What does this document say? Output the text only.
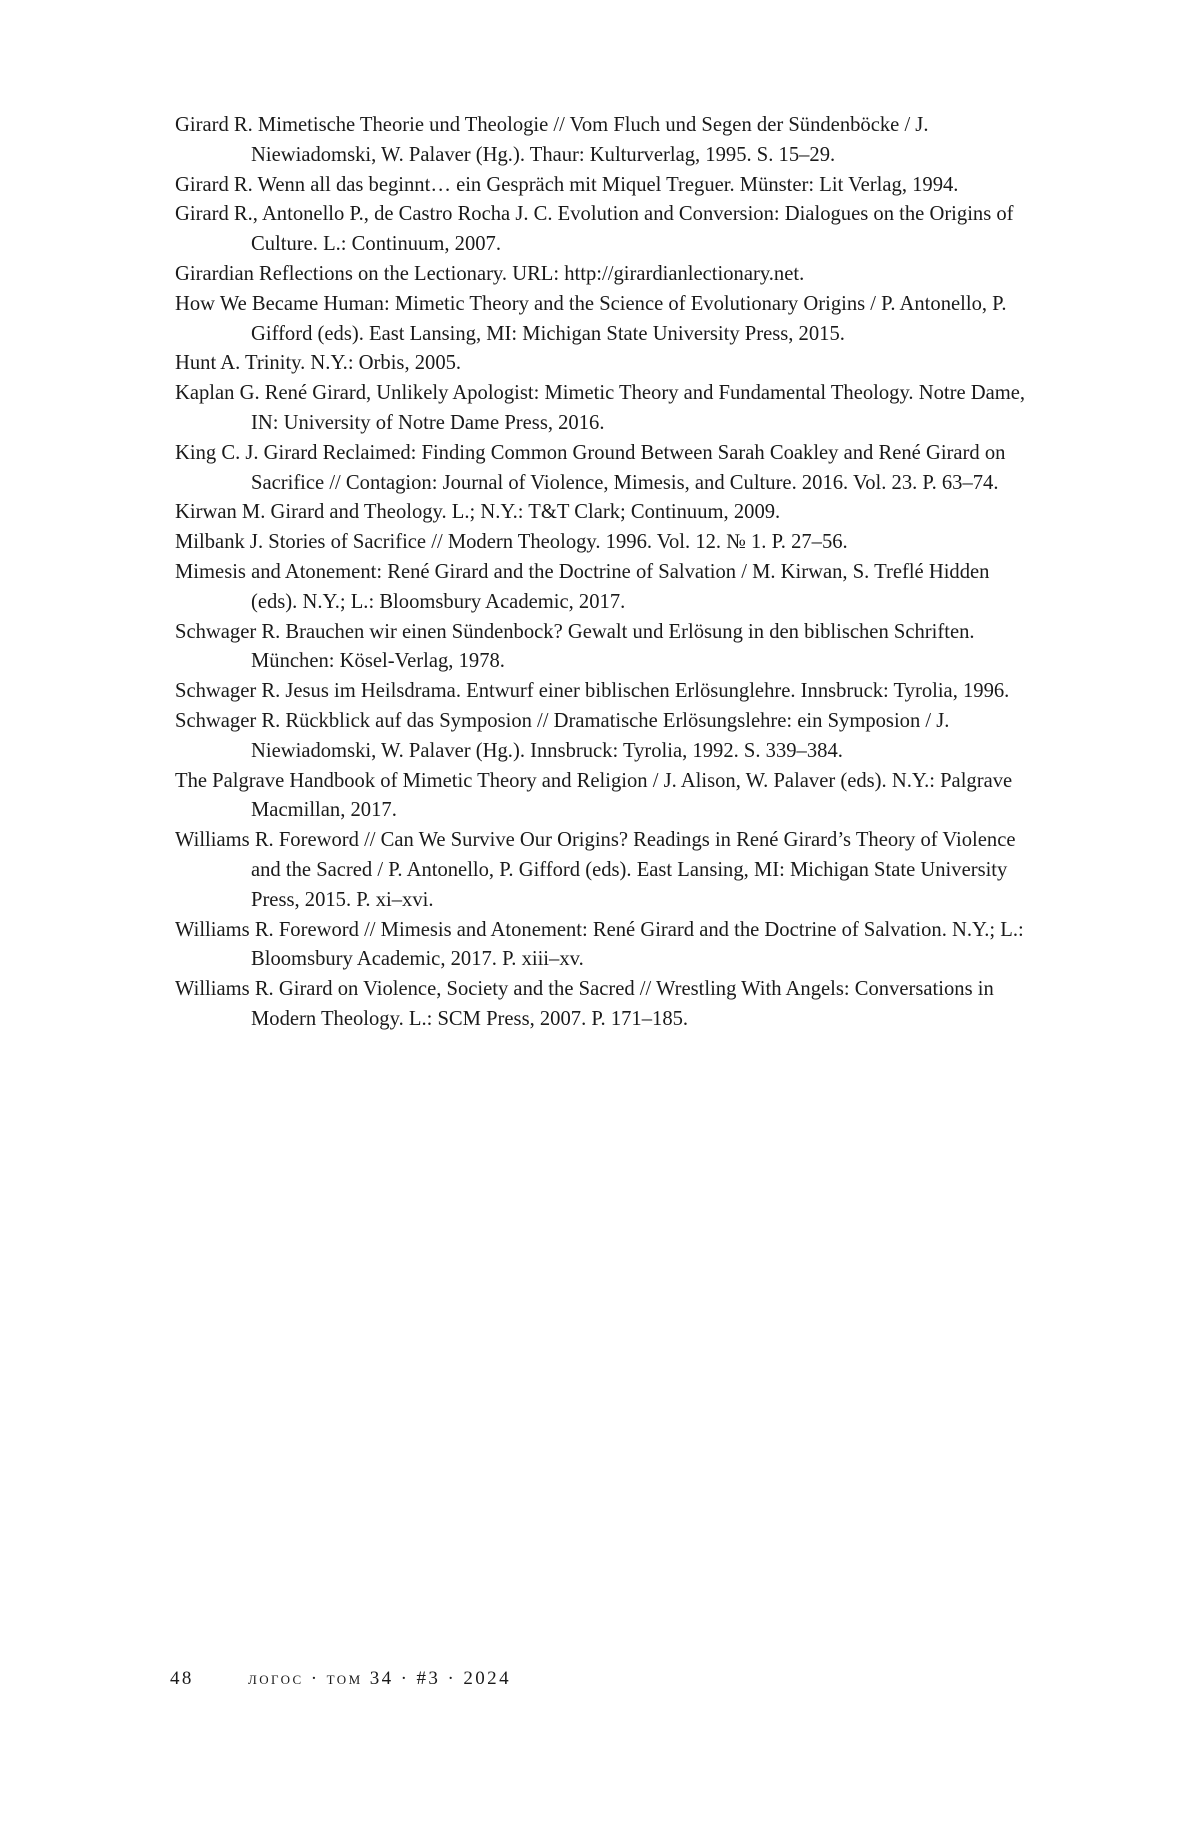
Girard R. Mimetische Theorie und Theologie // Vom Fluch und Segen der Sündenböcke / J. Niewiadomski, W. Palaver (Hg.). Thaur: Kulturverlag, 1995. S. 15–29.

Girard R. Wenn all das beginnt… ein Gespräch mit Miquel Treguer. Münster: Lit Verlag, 1994.

Girard R., Antonello P., de Castro Rocha J. C. Evolution and Conversion: Dialogues on the Origins of Culture. L.: Continuum, 2007.

Girardian Reflections on the Lectionary. URL: http://girardianlectionary.net.

How We Became Human: Mimetic Theory and the Science of Evolutionary Origins / P. Antonello, P. Gifford (eds). East Lansing, MI: Michigan State University Press, 2015.

Hunt A. Trinity. N.Y.: Orbis, 2005.

Kaplan G. René Girard, Unlikely Apologist: Mimetic Theory and Fundamental Theology. Notre Dame, IN: University of Notre Dame Press, 2016.

King C. J. Girard Reclaimed: Finding Common Ground Between Sarah Coakley and René Girard on Sacrifice // Contagion: Journal of Violence, Mimesis, and Culture. 2016. Vol. 23. P. 63–74.

Kirwan M. Girard and Theology. L.; N.Y.: T&T Clark; Continuum, 2009.

Milbank J. Stories of Sacrifice // Modern Theology. 1996. Vol. 12. № 1. P. 27–56.

Mimesis and Atonement: René Girard and the Doctrine of Salvation / M. Kirwan, S. Treflé Hidden (eds). N.Y.; L.: Bloomsbury Academic, 2017.

Schwager R. Brauchen wir einen Sündenbock? Gewalt und Erlösung in den biblischen Schriften. München: Kösel-Verlag, 1978.

Schwager R. Jesus im Heilsdrama. Entwurf einer biblischen Erlösunglehre. Innsbruck: Tyrolia, 1996.

Schwager R. Rückblick auf das Symposion // Dramatische Erlösungslehre: ein Symposion / J. Niewiadomski, W. Palaver (Hg.). Innsbruck: Tyrolia, 1992. S. 339–384.

The Palgrave Handbook of Mimetic Theory and Religion / J. Alison, W. Palaver (eds). N.Y.: Palgrave Macmillan, 2017.

Williams R. Foreword // Can We Survive Our Origins? Readings in René Girard’s Theory of Violence and the Sacred / P. Antonello, P. Gifford (eds). East Lansing, MI: Michigan State University Press, 2015. P. xi–xvi.

Williams R. Foreword // Mimesis and Atonement: René Girard and the Doctrine of Salvation. N.Y.; L.: Bloomsbury Academic, 2017. P. xiii–xv.

Williams R. Girard on Violence, Society and the Sacred // Wrestling With Angels: Conversations in Modern Theology. L.: SCM Press, 2007. P. 171–185.

48	логос · том 34 · #3 · 2024
